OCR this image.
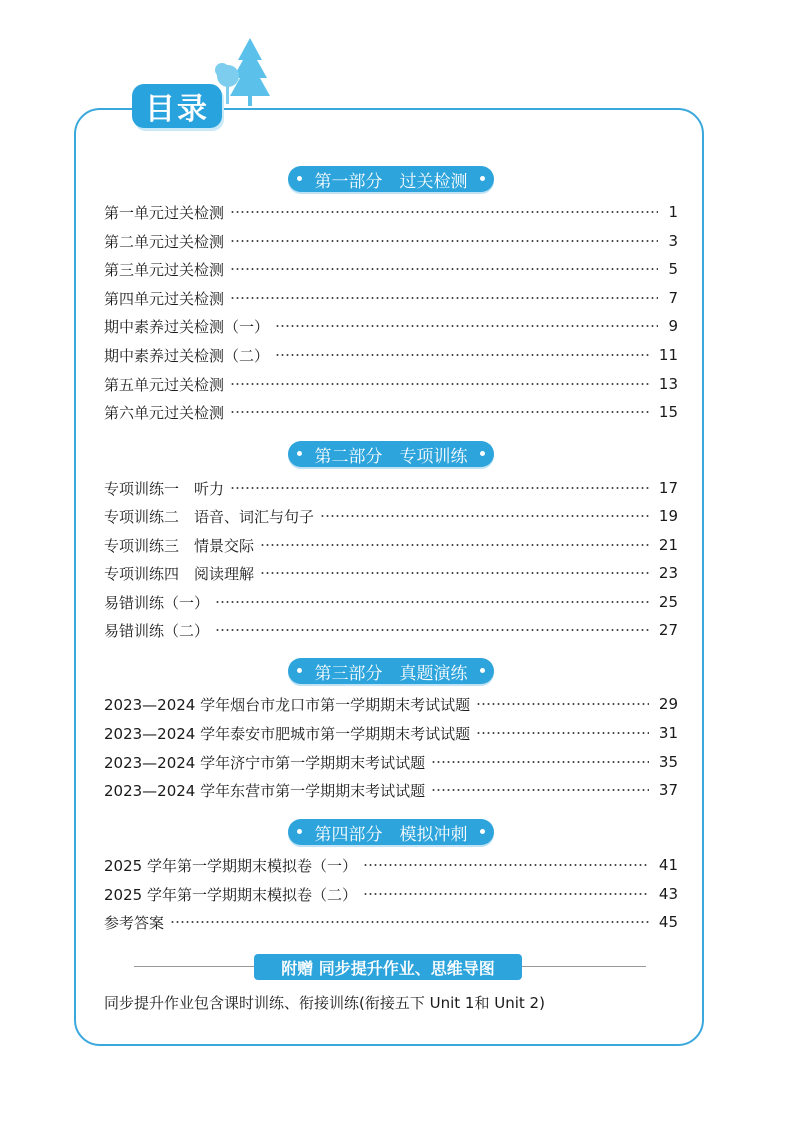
目录
第一部分　过关检测
第一单元过关检测	1
第二单元过关检测	3
第三单元过关检测	5
第四单元过关检测	7
期中素养过关检测（一）	9
期中素养过关检测（二）	11
第五单元过关检测	13
第六单元过关检测	15
第二部分　专项训练
专项训练一　听力	17
专项训练二　语音、词汇与句子	19
专项训练三　情景交际	21
专项训练四　阅读理解	23
易错训练（一）	25
易错训练（二）	27
第三部分　真题演练
2023—2024 学年烟台市龙口市第一学期期末考试试题	29
2023—2024 学年泰安市肥城市第一学期期末考试试题	31
2023—2024 学年济宁市第一学期期末考试试题	35
2023—2024 学年东营市第一学期期末考试试题	37
第四部分　模拟冲刺
2025 学年第一学期期末模拟卷（一）	41
2025 学年第一学期期末模拟卷（二）	43
参考答案	45
附赠 同步提升作业、思维导图
同步提升作业包含课时训练、衔接训练(衔接五下 Unit 1和 Unit 2)
